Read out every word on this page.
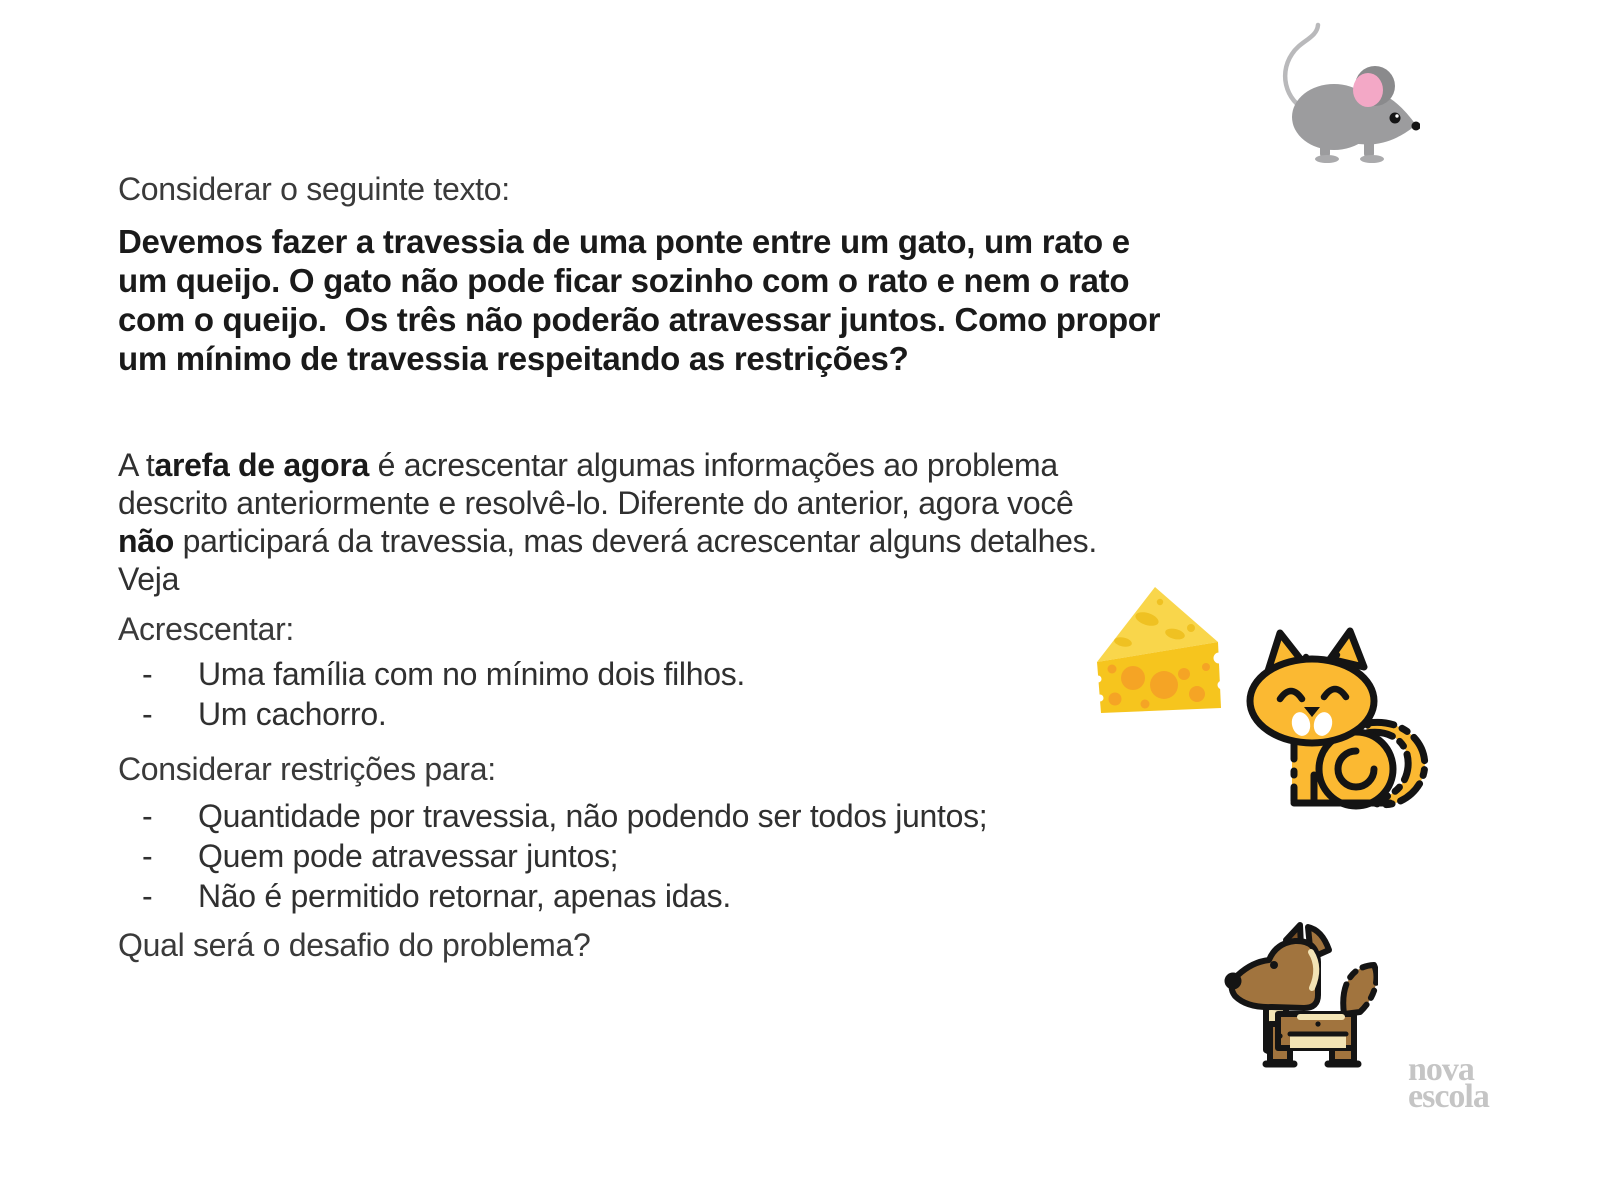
Considerar o seguinte texto:

Devemos fazer a travessia de uma ponte entre um gato, um rato e
um queijo. O gato não pode ficar sozinho com o rato e nem o rato
com o queijo.  Os três não poderão atravessar juntos. Como propor
um mínimo de travessia respeitando as restrições?
A tarefa de agora é acrescentar algumas informações ao problema
descrito anteriormente e resolvê-lo. Diferente do anterior, agora você
não participará da travessia, mas deverá acrescentar alguns detalhes.
Veja

Acrescentar:

- Uma família com no mínimo dois filhos.
- Um cachorro.

Considerar restrições para:

- Quantidade por travessia, não podendo ser todos juntos;
- Quem pode atravessar juntos;
- Não é permitido retornar, apenas idas.

Qual será o desafio do problema?

nova
escola
